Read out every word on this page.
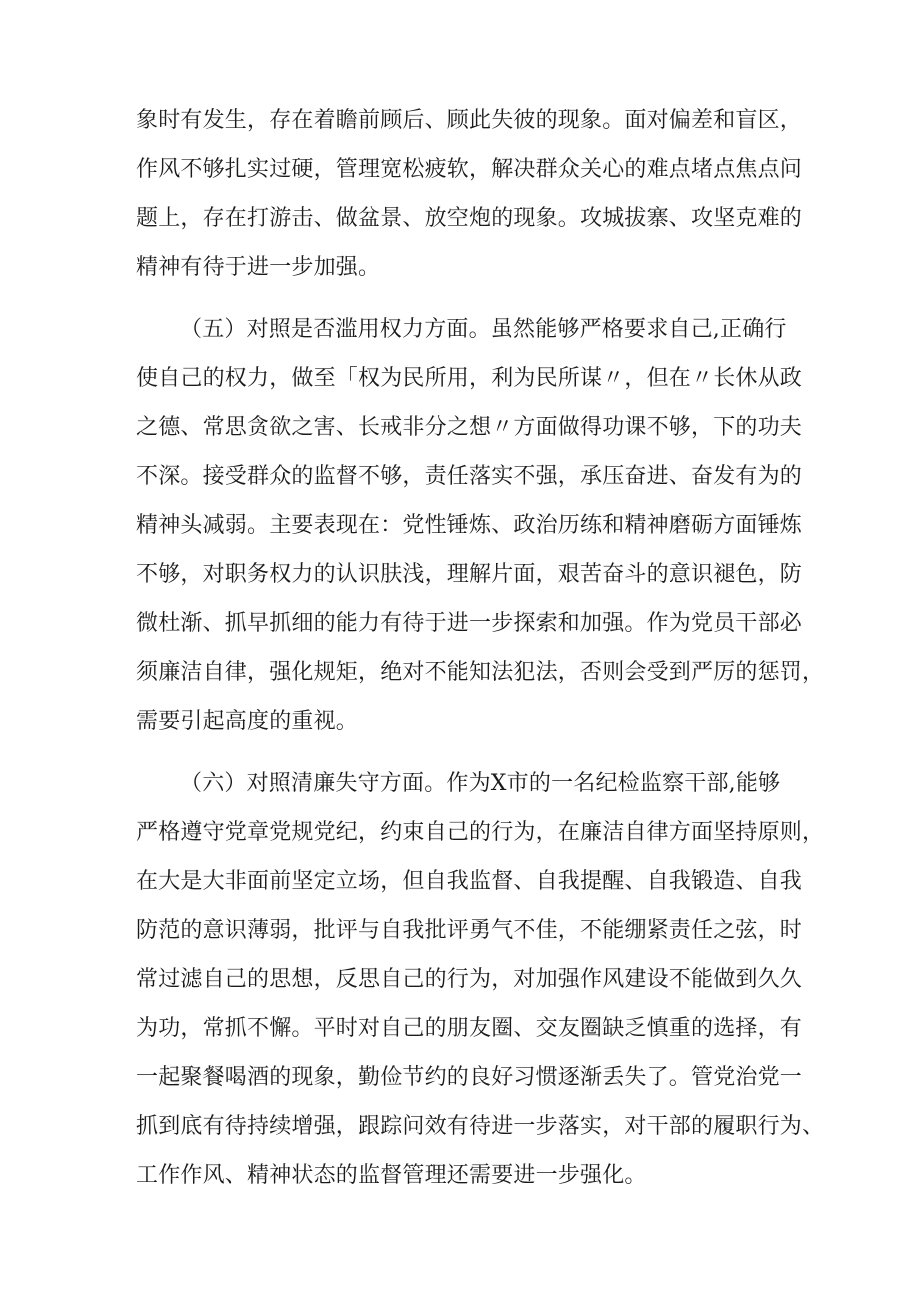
象时有发生，存在着瞻前顾后、顾此失彼的现象。面对偏差和盲区，
作风不够扎实过硬，管理宽松疲软，解决群众关心的难点堵点焦点问
题上，存在打游击、做盆景、放空炮的现象。攻城拔寨、攻坚克难的
精神有待于进一步加强。
（五）对照是否滥用权力方面。虽然能够严格要求自己,正确行
使自己的权力，做至「权为民所用，利为民所谋〃，但在〃长休从政
之德、常思贪欲之害、长戒非分之想〃方面做得功课不够，下的功夫
不深。接受群众的监督不够，责任落实不强，承压奋进、奋发有为的
精神头减弱。主要表现在：党性锤炼、政治历练和精神磨砺方面锤炼
不够，对职务权力的认识肤浅，理解片面，艰苦奋斗的意识褪色，防
微杜渐、抓早抓细的能力有待于进一步探索和加强。作为党员干部必
须廉洁自律，强化规矩，绝对不能知法犯法，否则会受到严厉的惩罚，
需要引起高度的重视。
（六）对照清廉失守方面。作为X市的一名纪检监察干部,能够
严格遵守党章党规党纪，约束自己的行为，在廉洁自律方面坚持原则，
在大是大非面前坚定立场，但自我监督、自我提醒、自我锻造、自我
防范的意识薄弱，批评与自我批评勇气不佳，不能绷紧责任之弦，时
常过滤自己的思想，反思自己的行为，对加强作风建设不能做到久久
为功，常抓不懈。平时对自己的朋友圈、交友圈缺乏慎重的选择，有
一起聚餐喝酒的现象，勤俭节约的良好习惯逐渐丢失了。管党治党一
抓到底有待持续增强，跟踪问效有待进一步落实，对干部的履职行为、
工作作风、精神状态的监督管理还需要进一步强化。
